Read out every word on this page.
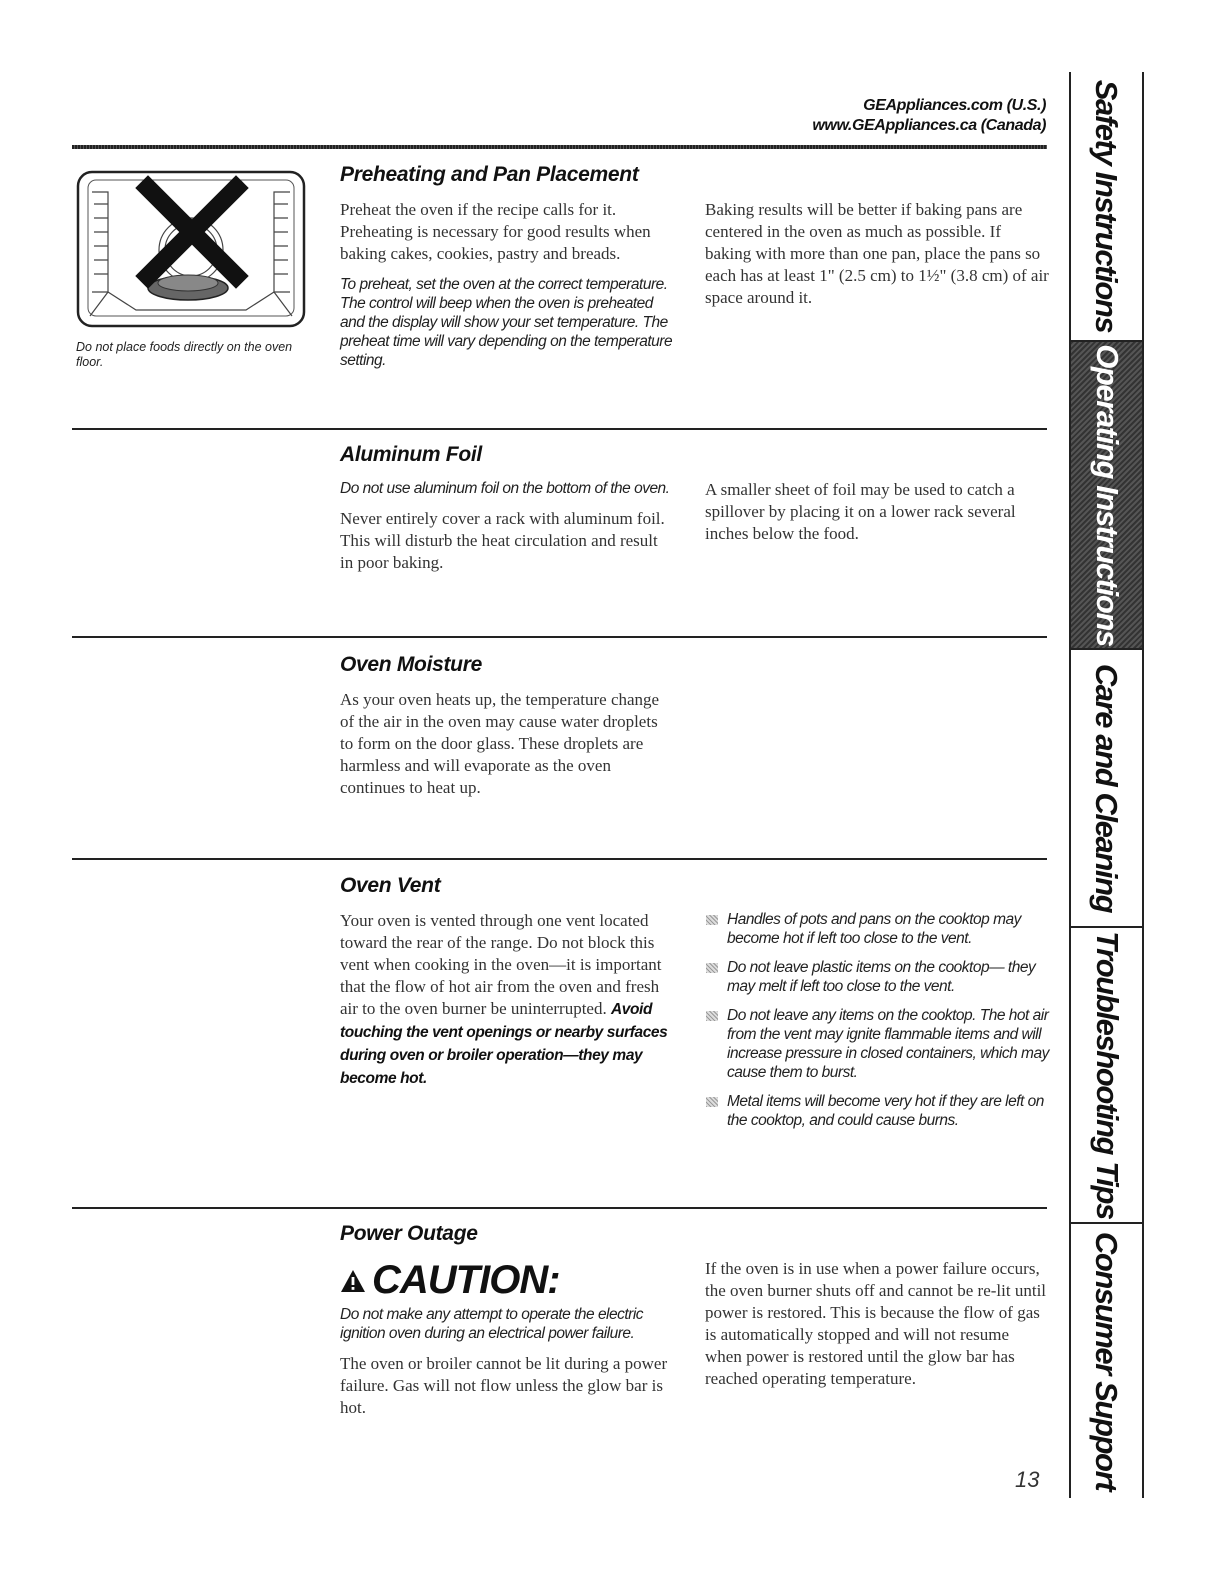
GEAppliances.com (U.S.)
www.GEAppliances.ca (Canada)

Do not place foods directly on the oven floor.

Preheating and Pan Placement

Preheat the oven if the recipe calls for it. Preheating is necessary for good results when baking cakes, cookies, pastry and breads.

To preheat, set the oven at the correct temperature. The control will beep when the oven is preheated and the display will show your set temperature. The preheat time will vary depending on the temperature setting.

Baking results will be better if baking pans are centered in the oven as much as possible. If baking with more than one pan, place the pans so each has at least 1" (2.5 cm) to 1½" (3.8 cm) of air space around it.

Aluminum Foil

Do not use aluminum foil on the bottom of the oven.

Never entirely cover a rack with aluminum foil. This will disturb the heat circulation and result in poor baking.

A smaller sheet of foil may be used to catch a spillover by placing it on a lower rack several inches below the food.

Oven Moisture

As your oven heats up, the temperature change of the air in the oven may cause water droplets to form on the door glass. These droplets are harmless and will evaporate as the oven continues to heat up.

Oven Vent

Your oven is vented through one vent located toward the rear of the range. Do not block this vent when cooking in the oven—it is important that the flow of hot air from the oven and fresh air to the oven burner be uninterrupted. Avoid touching the vent openings or nearby surfaces during oven or broiler operation—they may become hot.

Handles of pots and pans on the cooktop may become hot if left too close to the vent.

Do not leave plastic items on the cooktop— they may melt if left too close to the vent.

Do not leave any items on the cooktop. The hot air from the vent may ignite flammable items and will increase pressure in closed containers, which may cause them to burst.

Metal items will become very hot if they are left on the cooktop, and could cause burns.

Power Outage
CAUTION:

Do not make any attempt to operate the electric ignition oven during an electrical power failure.

The oven or broiler cannot be lit during a power failure. Gas will not flow unless the glow bar is hot.

If the oven is in use when a power failure occurs, the oven burner shuts off and cannot be re-lit until power is restored. This is because the flow of gas is automatically stopped and will not resume when power is restored until the glow bar has reached operating temperature.

13
Safety Instructions
Operating Instructions
Care and Cleaning
Troubleshooting Tips
Consumer Support
